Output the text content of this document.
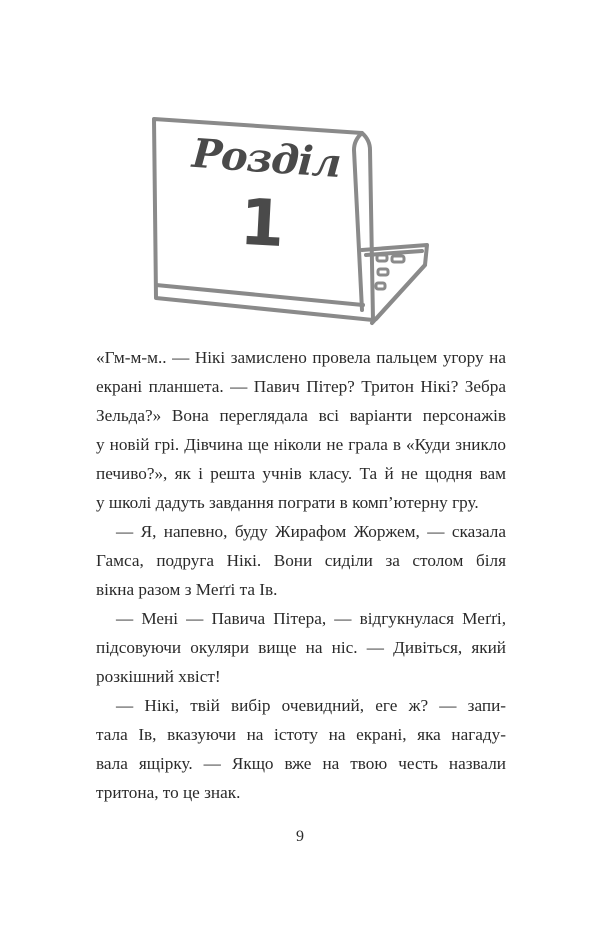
Розділ
1
«Гм-м-м.. — Нікі замислено провела пальцем угору на
екрані планшета. — Павич Пітер? Тритон Нікі? Зебра
Зельда?» Вона переглядала всі варіанти персонажів
у новій грі. Дівчина ще ніколи не грала в «Куди зникло
печиво?», як і решта учнів класу. Та й не щодня вам
у школі дадуть завдання пограти в комп’ютерну гру.
— Я, напевно, буду Жирафом Жоржем, — сказала
Гамса, подруга Нікі. Вони сиділи за столом біля
вікна разом з Меґґі та Ів.
— Мені — Павича Пітера, — відгукнулася Меґґі,
підсовуючи окуляри вище на ніс. — Дивіться, який
розкішний хвіст!
— Нікі, твій вибір очевидний, еге ж? — запи-
тала Ів, вказуючи на істоту на екрані, яка нагаду-
вала ящірку. — Якщо вже на твою честь назвали
тритона, то це знак.
9
